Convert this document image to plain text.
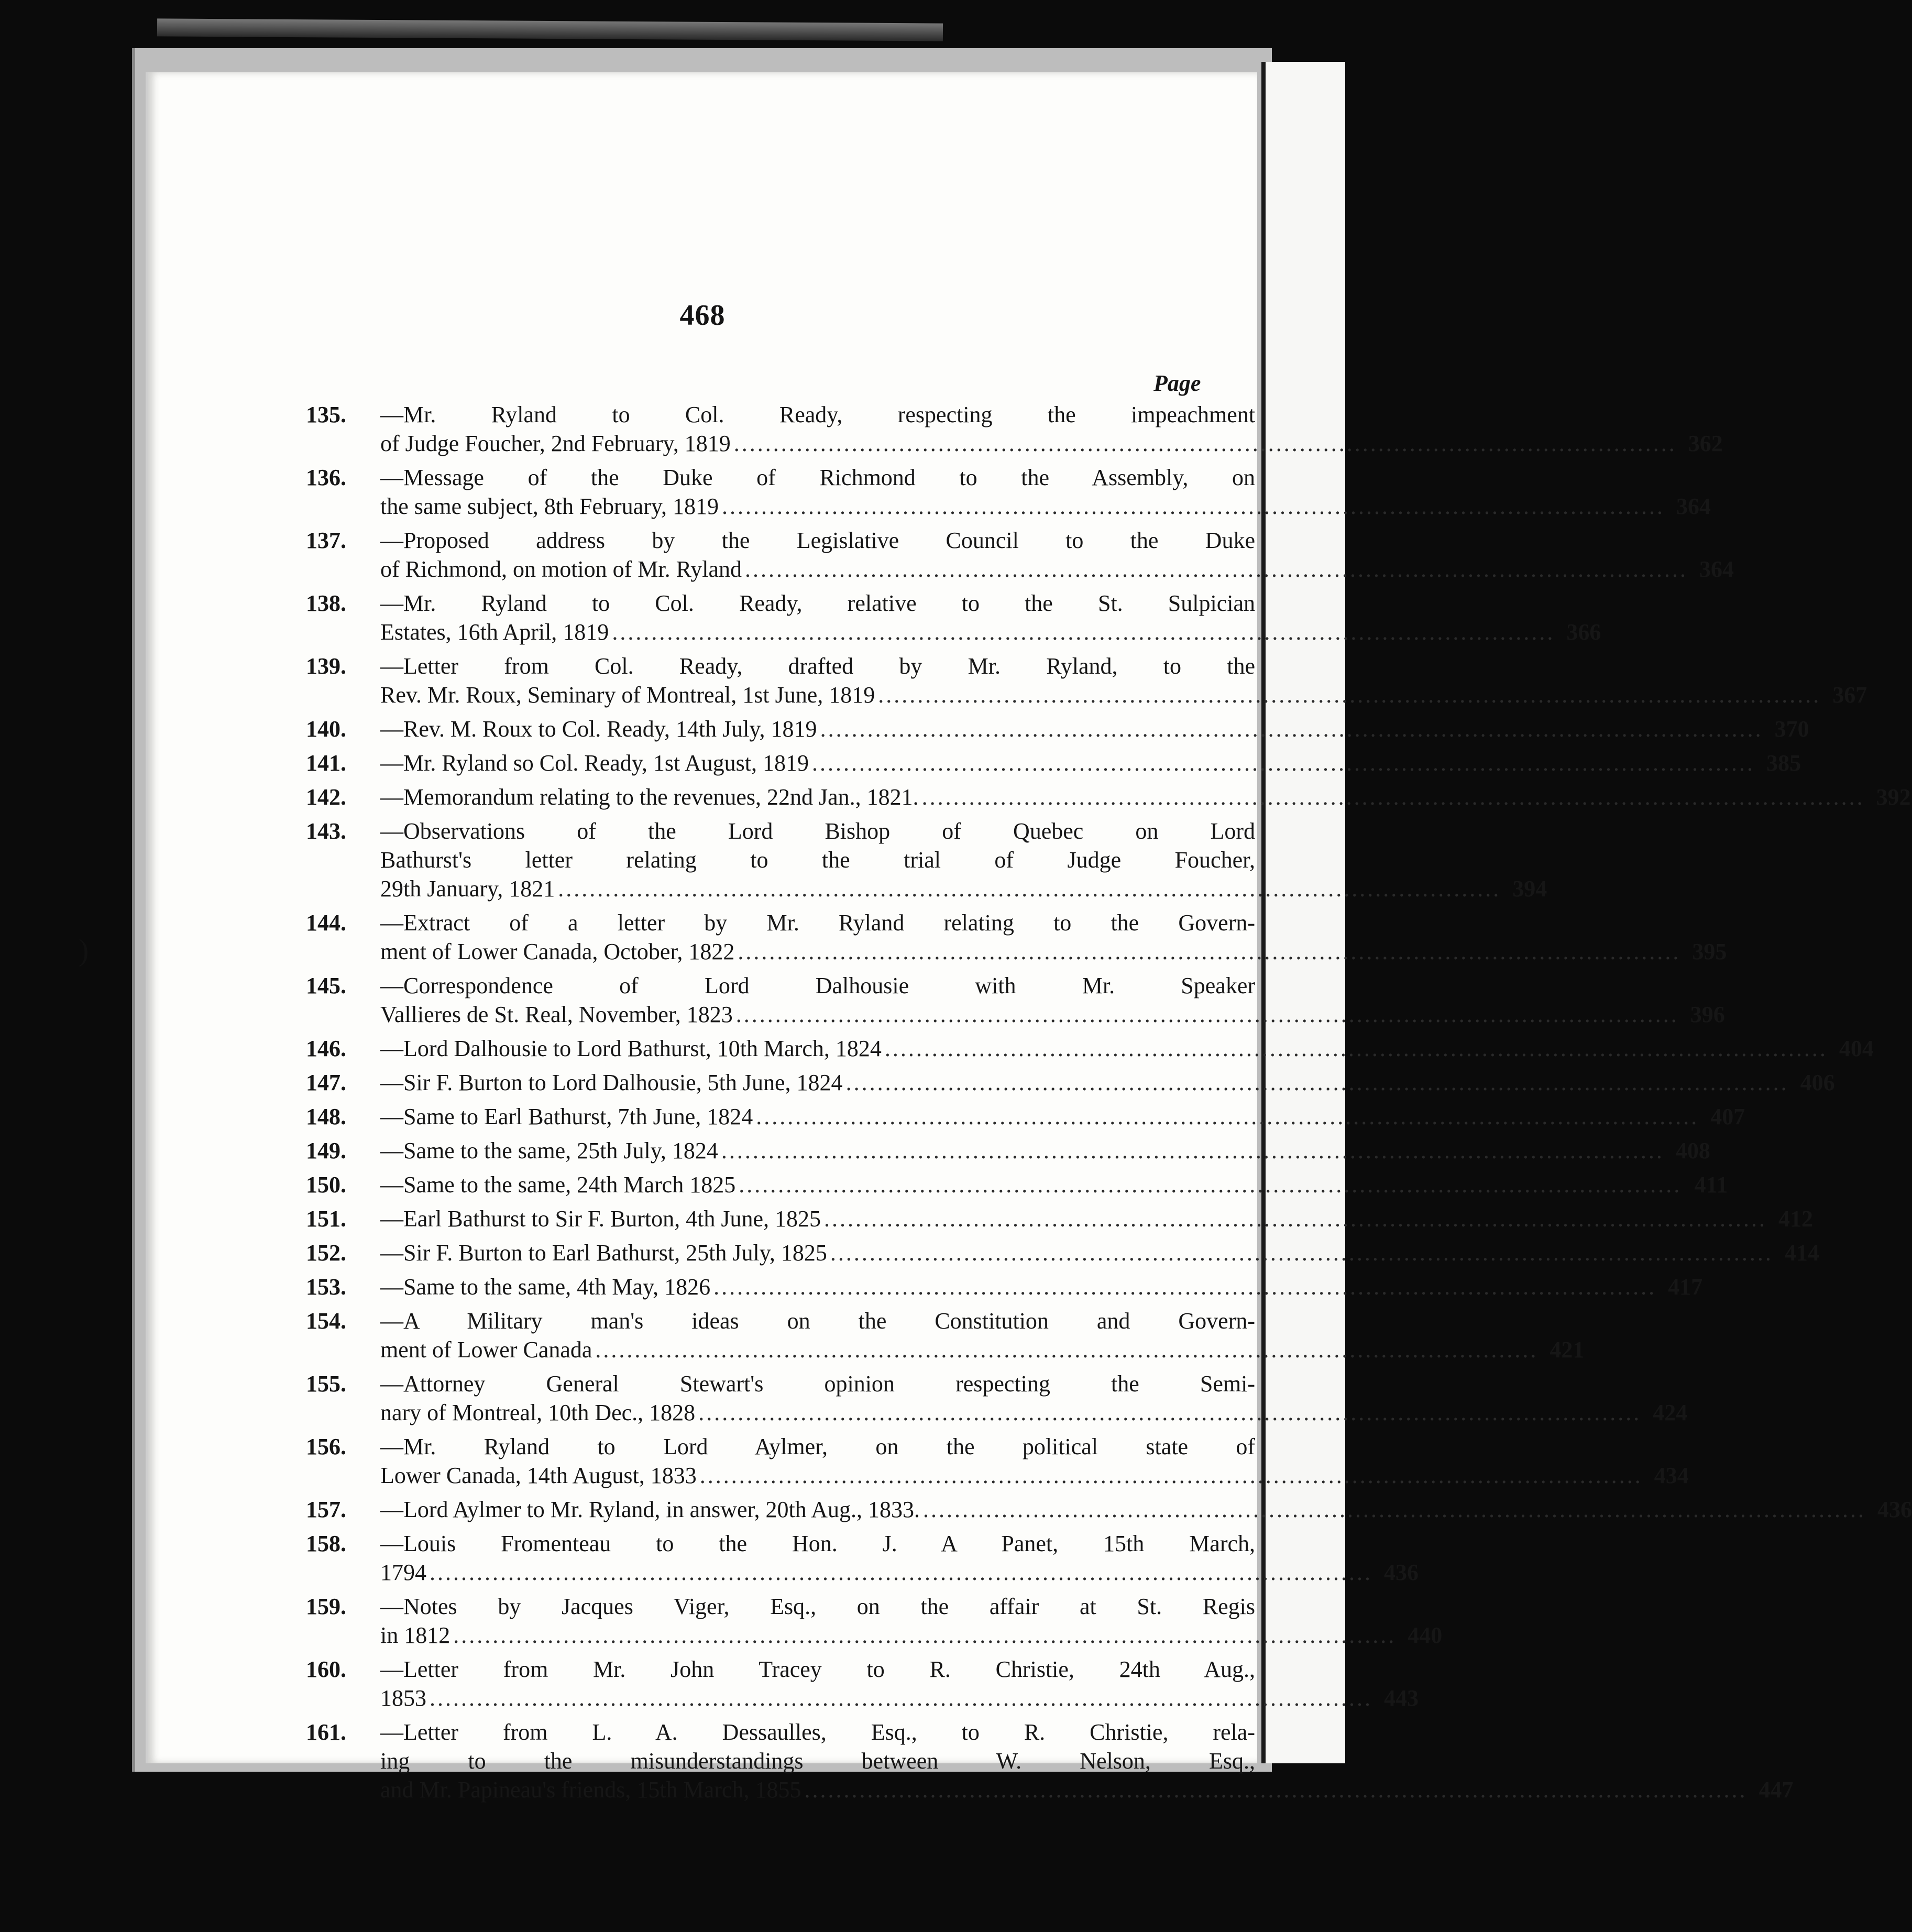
468
Page
135.	—Mr. Ryland to Col. Ready, respecting the impeachment
of Judge Foucher, 2nd February, 1819 ........................................................................................................................ 362
136.	—Message of the Duke of Richmond to the Assembly, on
the same subject, 8th February, 1819 ........................................................................................................................ 364
137.	—Proposed address by the Legislative Council to the Duke
of Richmond, on motion of Mr. Ryland ........................................................................................................................ 364
138.	—Mr. Ryland to Col. Ready, relative to the St. Sulpician
Estates, 16th April, 1819 ........................................................................................................................ 366
139.	—Letter from Col. Ready, drafted by Mr. Ryland, to the
Rev. Mr. Roux, Seminary of Montreal, 1st June, 1819 ........................................................................................................................ 367
140.	—Rev. M. Roux to Col. Ready, 14th July, 1819 ........................................................................................................................ 370
141.	—Mr. Ryland so Col. Ready, 1st August, 1819 ........................................................................................................................ 385
142.	—Memorandum relating to the revenues, 22nd Jan., 1821. ........................................................................................................................ 392
143.	—Observations of the Lord Bishop of Quebec on Lord
Bathurst's letter relating to the trial of Judge Foucher,
29th January, 1821 ........................................................................................................................ 394
144.	—Extract of a letter by Mr. Ryland relating to the Govern-
ment of Lower Canada, October, 1822 ........................................................................................................................ 395
145.	—Correspondence of Lord Dalhousie with Mr. Speaker
Vallieres de St. Real, November, 1823 ........................................................................................................................ 396
146.	—Lord Dalhousie to Lord Bathurst, 10th March, 1824 ........................................................................................................................ 404
147.	—Sir F. Burton to Lord Dalhousie, 5th June, 1824 ........................................................................................................................ 406
148.	—Same to Earl Bathurst, 7th June, 1824 ........................................................................................................................ 407
149.	—Same to the same, 25th July, 1824 ........................................................................................................................ 408
150.	—Same to the same, 24th March 1825 ........................................................................................................................ 411
151.	—Earl Bathurst to Sir F. Burton, 4th June, 1825 ........................................................................................................................ 412
152.	—Sir F. Burton to Earl Bathurst, 25th July, 1825 ........................................................................................................................ 414
153.	—Same to the same, 4th May, 1826 ........................................................................................................................ 417
154.	—A Military man's ideas on the Constitution and Govern-
ment of Lower Canada ........................................................................................................................ 421
155.	—Attorney General Stewart's opinion respecting the Semi-
nary of Montreal, 10th Dec., 1828 ........................................................................................................................ 424
156.	—Mr. Ryland to Lord Aylmer, on the political state of
Lower Canada, 14th August, 1833 ........................................................................................................................ 434
157.	—Lord Aylmer to Mr. Ryland, in answer, 20th Aug., 1833. ........................................................................................................................ 436
158.	—Louis Fromenteau to the Hon. J. A Panet, 15th March,
1794 ........................................................................................................................ 436
159.	—Notes by Jacques Viger, Esq., on the affair at St. Regis
in 1812 ........................................................................................................................ 440
160.	—Letter from Mr. John Tracey to R. Christie, 24th Aug.,
1853 ........................................................................................................................ 443
161.	—Letter from L. A. Dessaulles, Esq., to R. Christie, rela-
ing to the misunderstandings between W. Nelson, Esq.,
and Mr. Papineau's friends, 15th March, 1855 ........................................................................................................................ 447
)
